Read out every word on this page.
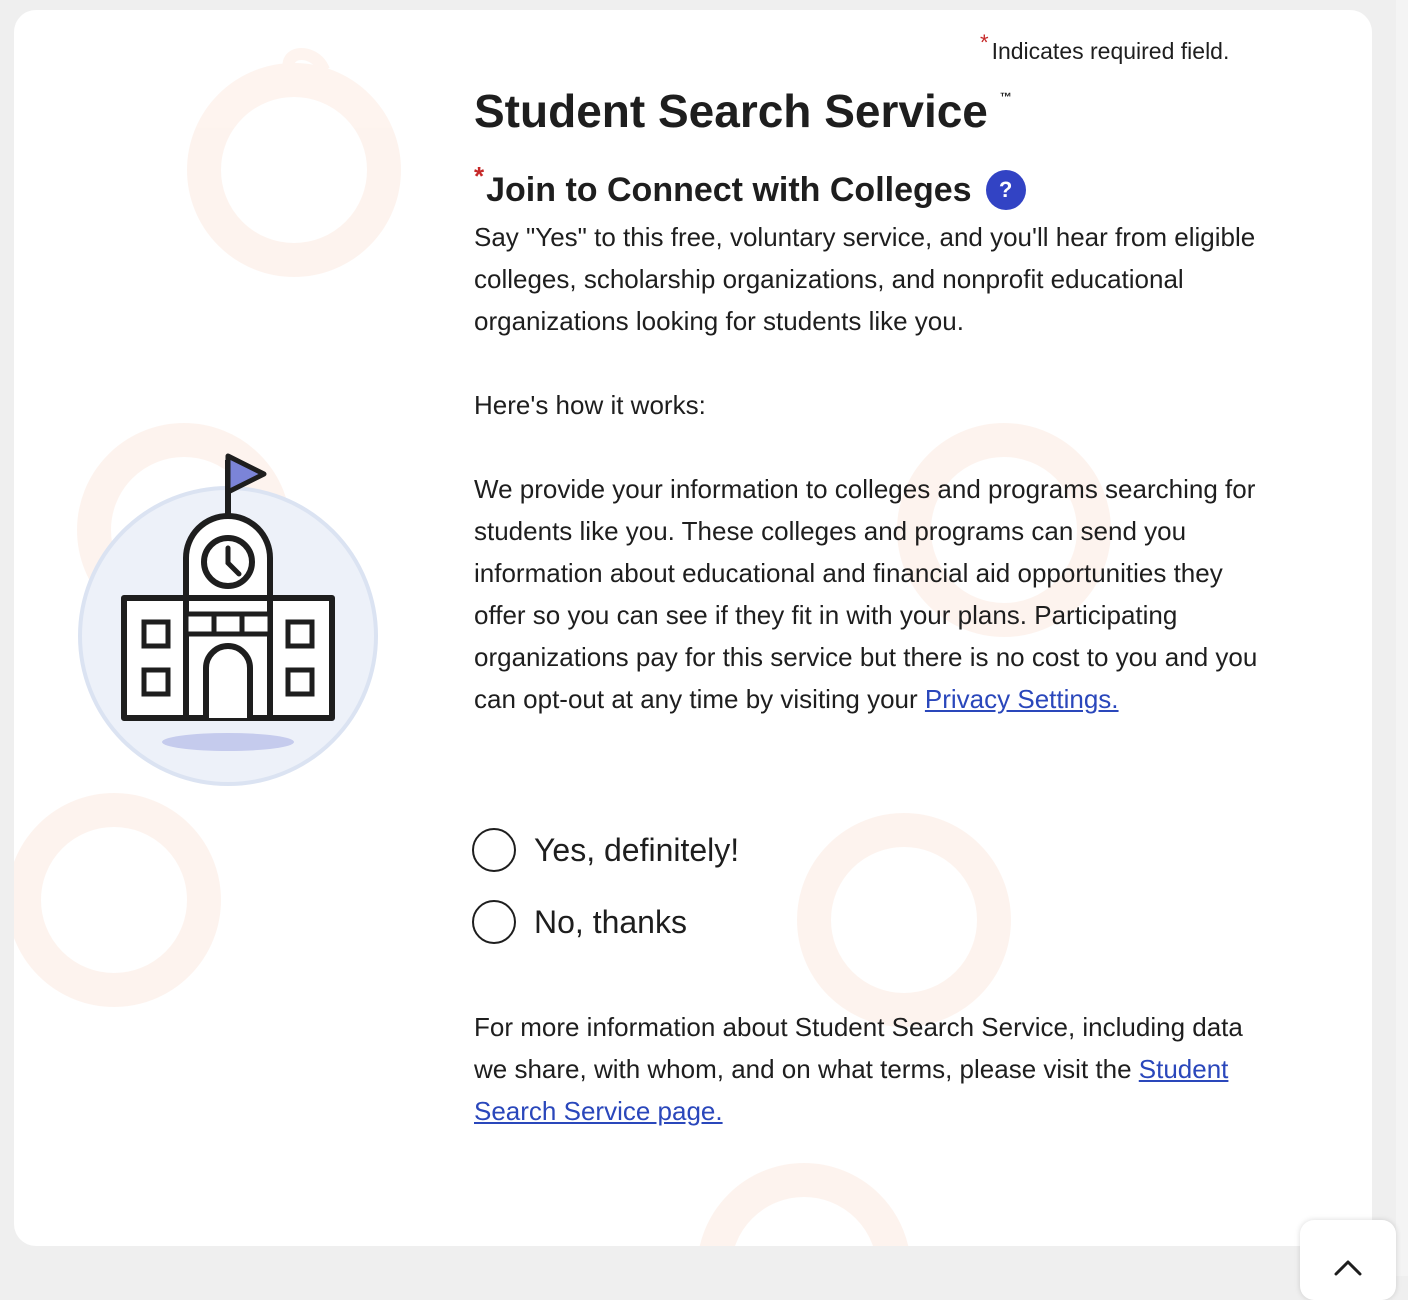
* Indicates required field.
Student Search Service ™
* Join to Connect with Colleges	?

Say "Yes" to this free, voluntary service, and you'll hear from eligible colleges, scholarship organizations, and nonprofit educational organizations looking for students like you.

Here's how it works:

We provide your information to colleges and programs searching for students like you. These colleges and programs can send you information about educational and financial aid opportunities they offer so you can see if they fit in with your plans. Participating organizations pay for this service but there is no cost to you and you can opt-out at any time by visiting your Privacy Settings.

Yes, definitely!
No, thanks

For more information about Student Search Service, including data we share, with whom, and on what terms, please visit the Student Search Service page.
